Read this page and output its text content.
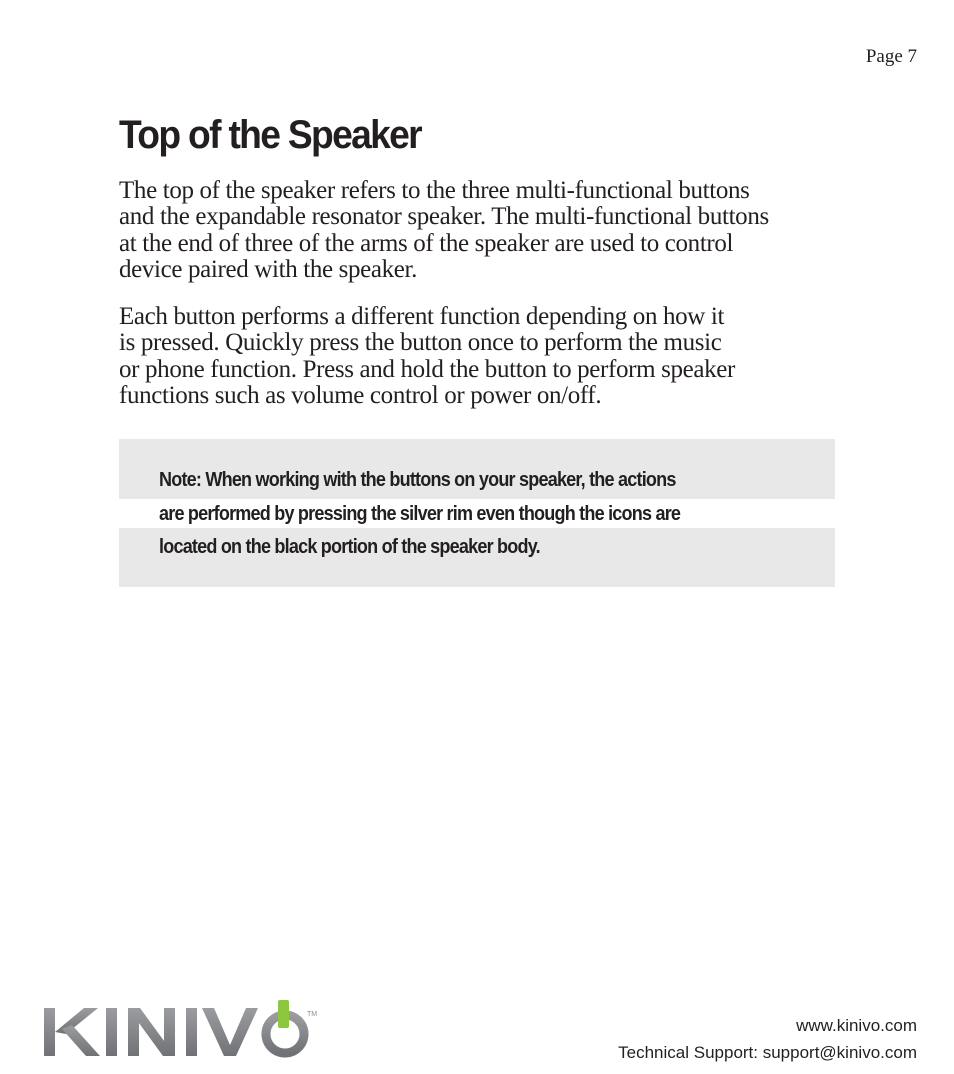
Page 7
Top of the Speaker

The top of the speaker refers to the three multi-functional buttons
and the expandable resonator speaker. The multi-functional buttons
at the end of three of the arms of the speaker are used to control
device paired with the speaker.

Each button performs a different function depending on how it
is pressed. Quickly press the button once to perform the music
or phone function. Press and hold the button to perform speaker
functions such as volume control or power on/off.

Note: When working with the buttons on your speaker, the actions
are performed by pressing the silver rim even though the icons are
located on the black portion of the speaker body.

TM
www.kinivo.com
Technical Support: support@kinivo.com
